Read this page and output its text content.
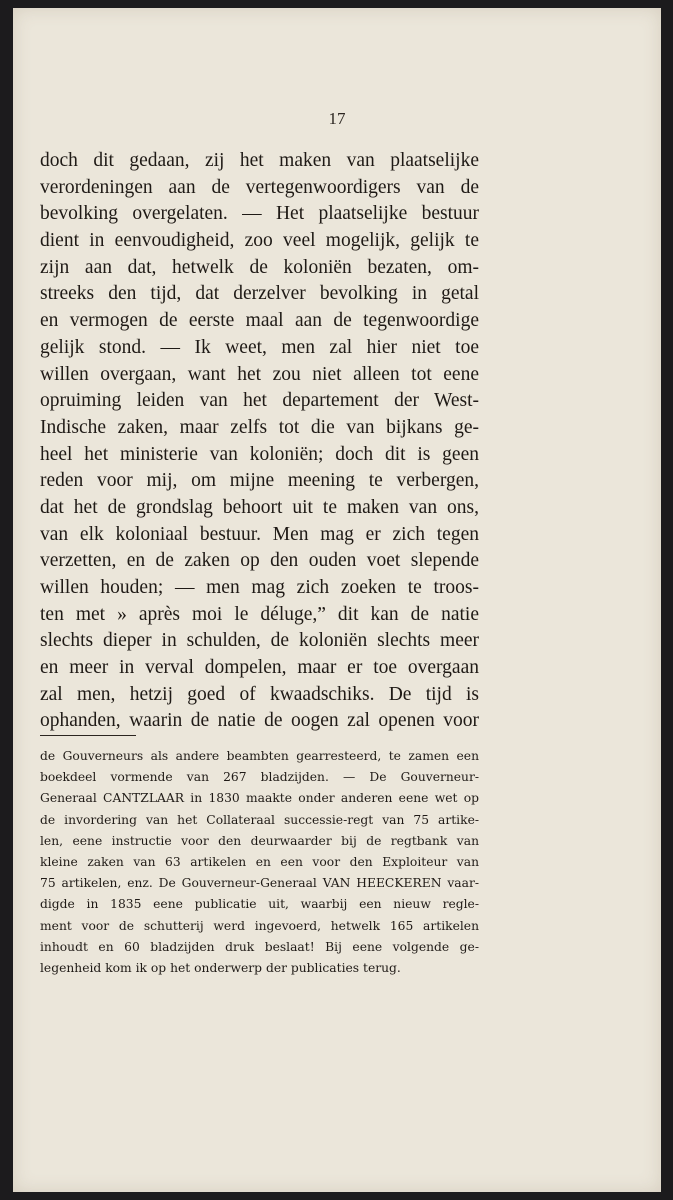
17
doch dit gedaan, zij het maken van plaatselijke
verordeningen aan de vertegenwoordigers van de
bevolking overgelaten. — Het plaatselijke bestuur
dient in eenvoudigheid, zoo veel mogelijk, gelijk te
zijn aan dat, hetwelk de koloniën bezaten, om-
streeks den tijd, dat derzelver bevolking in getal
en vermogen de eerste maal aan de tegenwoordige
gelijk stond. — Ik weet, men zal hier niet toe
willen overgaan, want het zou niet alleen tot eene
opruiming leiden van het departement der West-
Indische zaken, maar zelfs tot die van bijkans ge-
heel het ministerie van koloniën; doch dit is geen
reden voor mij, om mijne meening te verbergen,
dat het de grondslag behoort uit te maken van ons,
van elk koloniaal bestuur. Men mag er zich tegen
verzetten, en de zaken op den ouden voet slepende
willen houden; — men mag zich zoeken te troos-
ten met » après moi le déluge,” dit kan de natie
slechts dieper in schulden, de koloniën slechts meer
en meer in verval dompelen, maar er toe overgaan
zal men, hetzij goed of kwaadschiks. De tijd is
ophanden, waarin de natie de oogen zal openen voor
de Gouverneurs als andere beambten gearresteerd, te zamen een
boekdeel vormende van 267 bladzijden. — De Gouverneur-
Generaal CANTZLAAR in 1830 maakte onder anderen eene wet op
de invordering van het Collateraal successie-regt van 75 artike-
len, eene instructie voor den deurwaarder bij de regtbank van
kleine zaken van 63 artikelen en een voor den Exploiteur van
75 artikelen, enz. De Gouverneur-Generaal VAN HEECKEREN vaar-
digde in 1835 eene publicatie uit, waarbij een nieuw regle-
ment voor de schutterij werd ingevoerd, hetwelk 165 artikelen
inhoudt en 60 bladzijden druk beslaat! Bij eene volgende ge-
legenheid kom ik op het onderwerp der publicaties terug.
